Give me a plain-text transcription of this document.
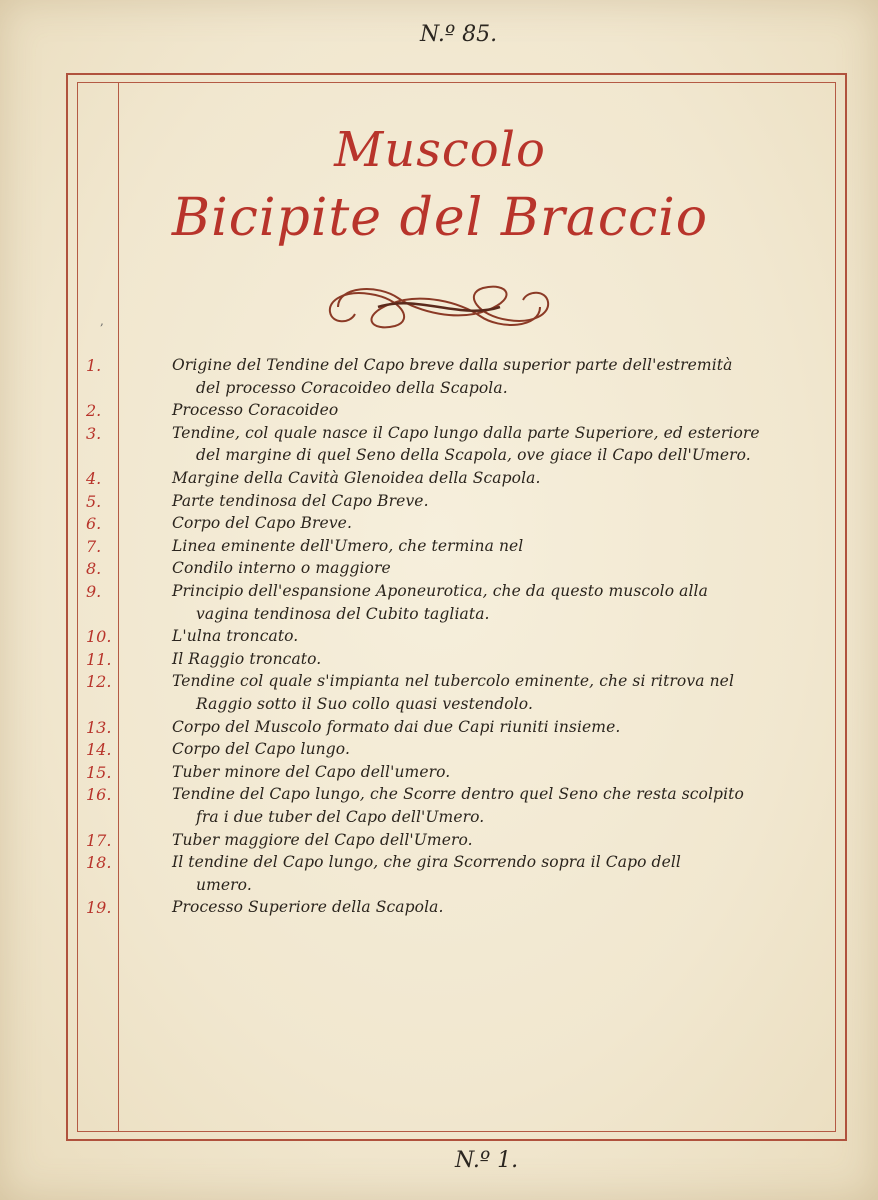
N.º 85.
N.º 1.
Muscolo
Bicipite del Braccio
,
1.	Origine del Tendine del Capo breve dalla superior parte dell'estremità
del processo Coracoideo della Scapola.
2.	Processo Coracoideo
3.	Tendine, col quale nasce il Capo lungo dalla parte Superiore, ed esteriore
del margine di quel Seno della Scapola, ove giace il Capo dell'Umero.
4.	Margine della Cavità Glenoidea della Scapola.
5.	Parte tendinosa del Capo Breve.
6.	Corpo del Capo Breve.
7.	Linea eminente dell'Umero, che termina nel
8.	Condilo interno o maggiore
9.	Principio dell'espansione Aponeurotica, che da questo muscolo alla
vagina tendinosa del Cubito tagliata.
10.	L'ulna troncato.
11.	Il Raggio troncato.
12.	Tendine col quale s'impianta nel tubercolo eminente, che si ritrova nel
Raggio sotto il Suo collo quasi vestendolo.
13.	Corpo del Muscolo formato dai due Capi riuniti insieme.
14.	Corpo del Capo lungo.
15.	Tuber minore del Capo dell'umero.
16.	Tendine del Capo lungo, che Scorre dentro quel Seno che resta scolpito
fra i due tuber del Capo dell'Umero.
17.	Tuber maggiore del Capo dell'Umero.
18.	Il tendine del Capo lungo, che gira Scorrendo sopra il Capo dell
umero.
19.	Processo Superiore della Scapola.
